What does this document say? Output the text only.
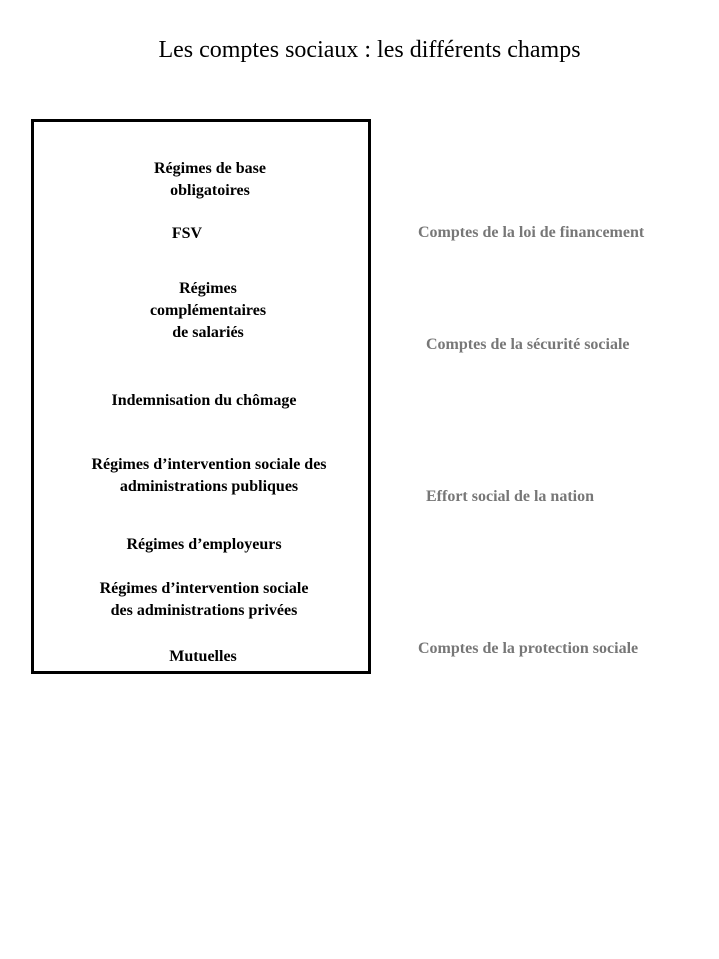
Les comptes sociaux : les différents champs
Régimes de base
obligatoires
FSV
Régimes
complémentaires
de salariés
Indemnisation du chômage
Régimes d’intervention sociale des
administrations publiques
Régimes d’employeurs
Régimes d’intervention sociale
des administrations privées
Mutuelles
Comptes de la loi de financement
Comptes de la sécurité sociale
Effort social de la nation
Comptes de la protection sociale
